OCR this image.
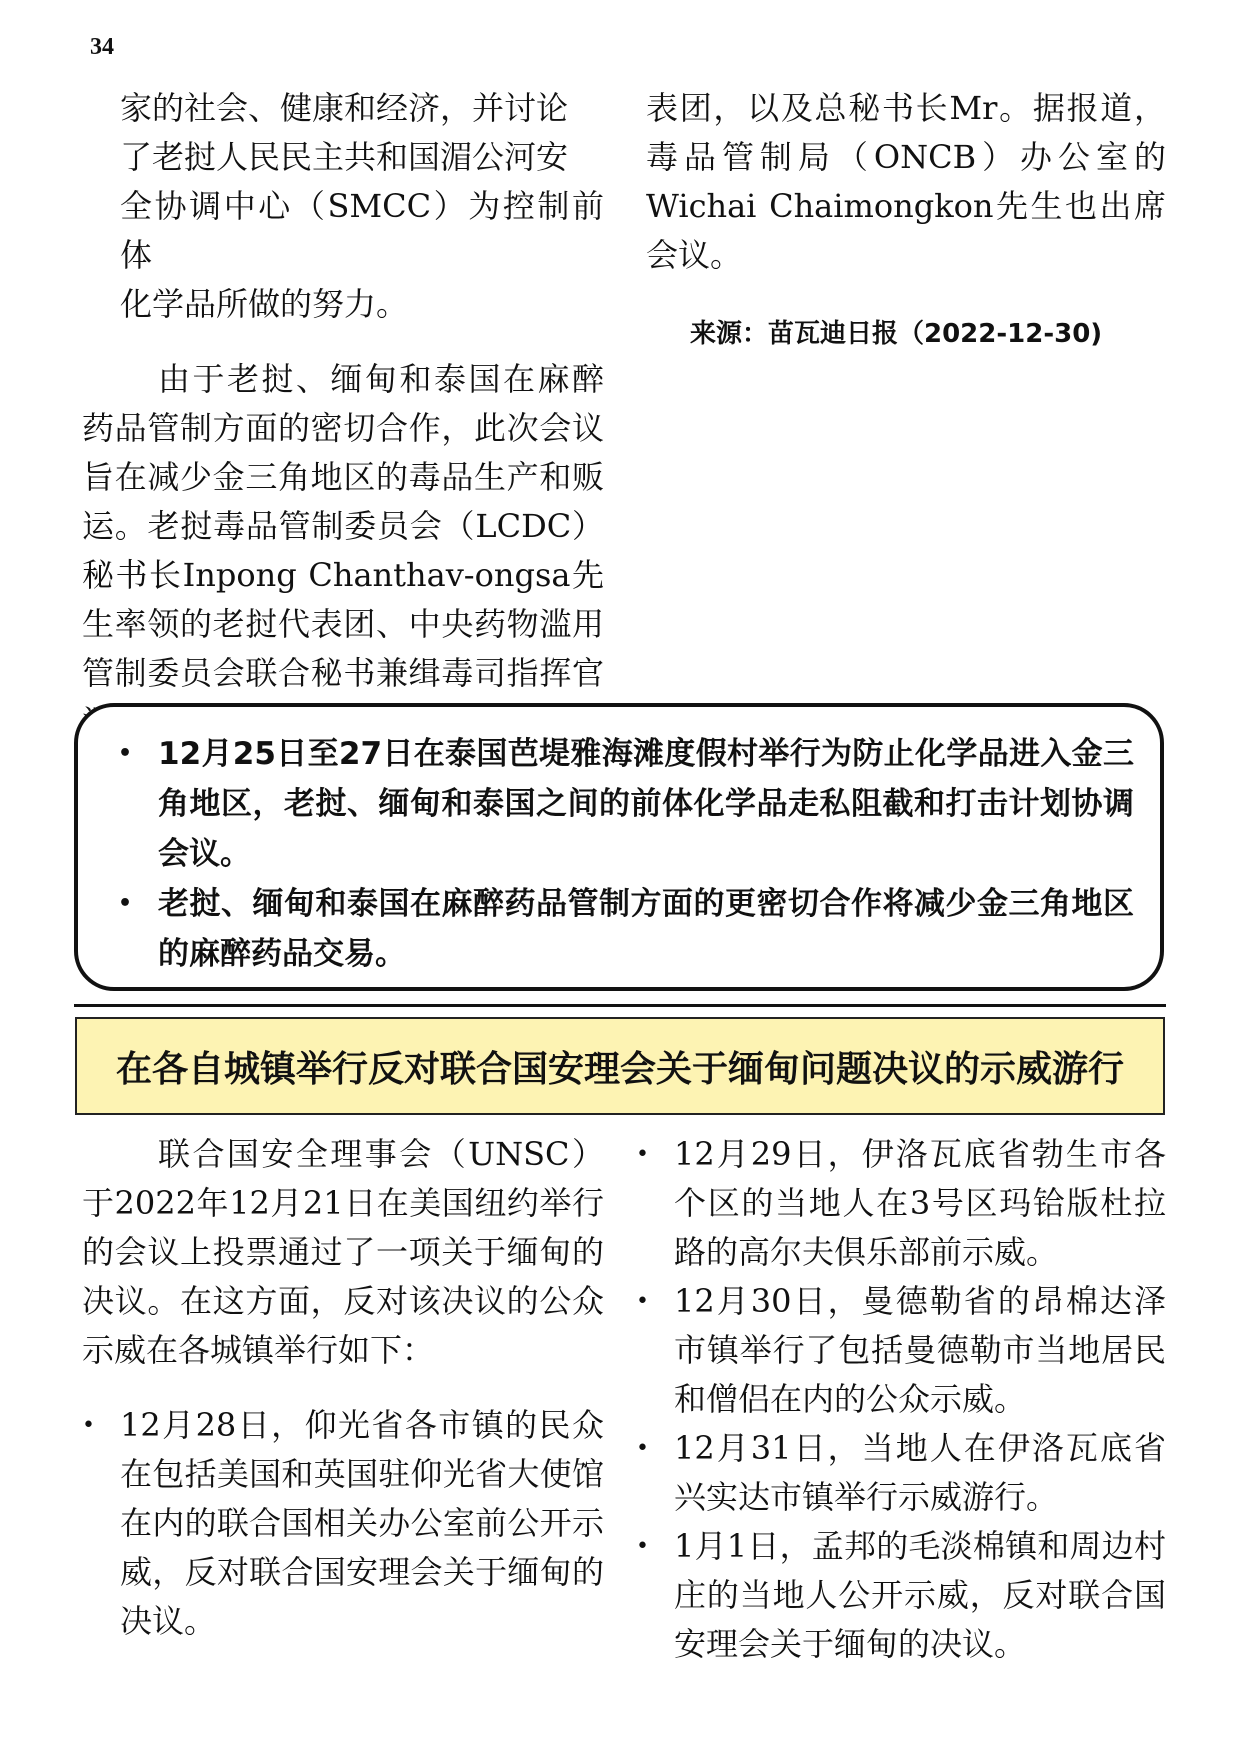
34

家的社会、健康和经济，并讨论

了老挝人民民主共和国湄公河安

全协调中心（SMCC）为控制前体

化学品所做的努力。

由于老挝、缅甸和泰国在麻醉药品管制方面的密切合作，此次会议旨在减少金三角地区的毒品生产和贩运。老挝毒品管制委员会（LCDC）秘书长Inpong Chanthav-ongsa先生率领的老挝代表团、中央药物滥用管制委员会联合秘书兼缉毒司指挥官

表团，以及总秘书长Mr。据报道，毒品管制局（ONCB）办公室的Wichai Chaimongkon先生也出席会议。

来源：苗瓦迪日报（2022-12-30)

• 12月25日至27日在泰国芭堤雅海滩度假村举行为防止化学品进入金三角地区，老挝、缅甸和泰国之间的前体化学品走私阻截和打击计划协调会议。
• 老挝、缅甸和泰国在麻醉药品管制方面的更密切合作将减少金三角地区的麻醉药品交易。
在各自城镇举行反对联合国安理会关于缅甸问题决议的示威游行

联合国安全理事会（UNSC）于2022年12月21日在美国纽约举行的会议上投票通过了一项关于缅甸的决议。在这方面，反对该决议的公众示威在各城镇举行如下：

• 12月28日，仰光省各市镇的民众在包括美国和英国驻仰光省大使馆在内的联合国相关办公室前公开示威，反对联合国安理会关于缅甸的决议。
• 12月29日，伊洛瓦底省勃生市各个区的当地人在3号区玛铪版杜拉路的高尔夫俱乐部前示威。
• 12月30日，曼德勒省的昂棉达泽市镇举行了包括曼德勒市当地居民和僧侣在内的公众示威。
• 12月31日，当地人在伊洛瓦底省兴实达市镇举行示威游行。
• 1月1日，孟邦的毛淡棉镇和周边村庄的当地人公开示威，反对联合国安理会关于缅甸的决议。
